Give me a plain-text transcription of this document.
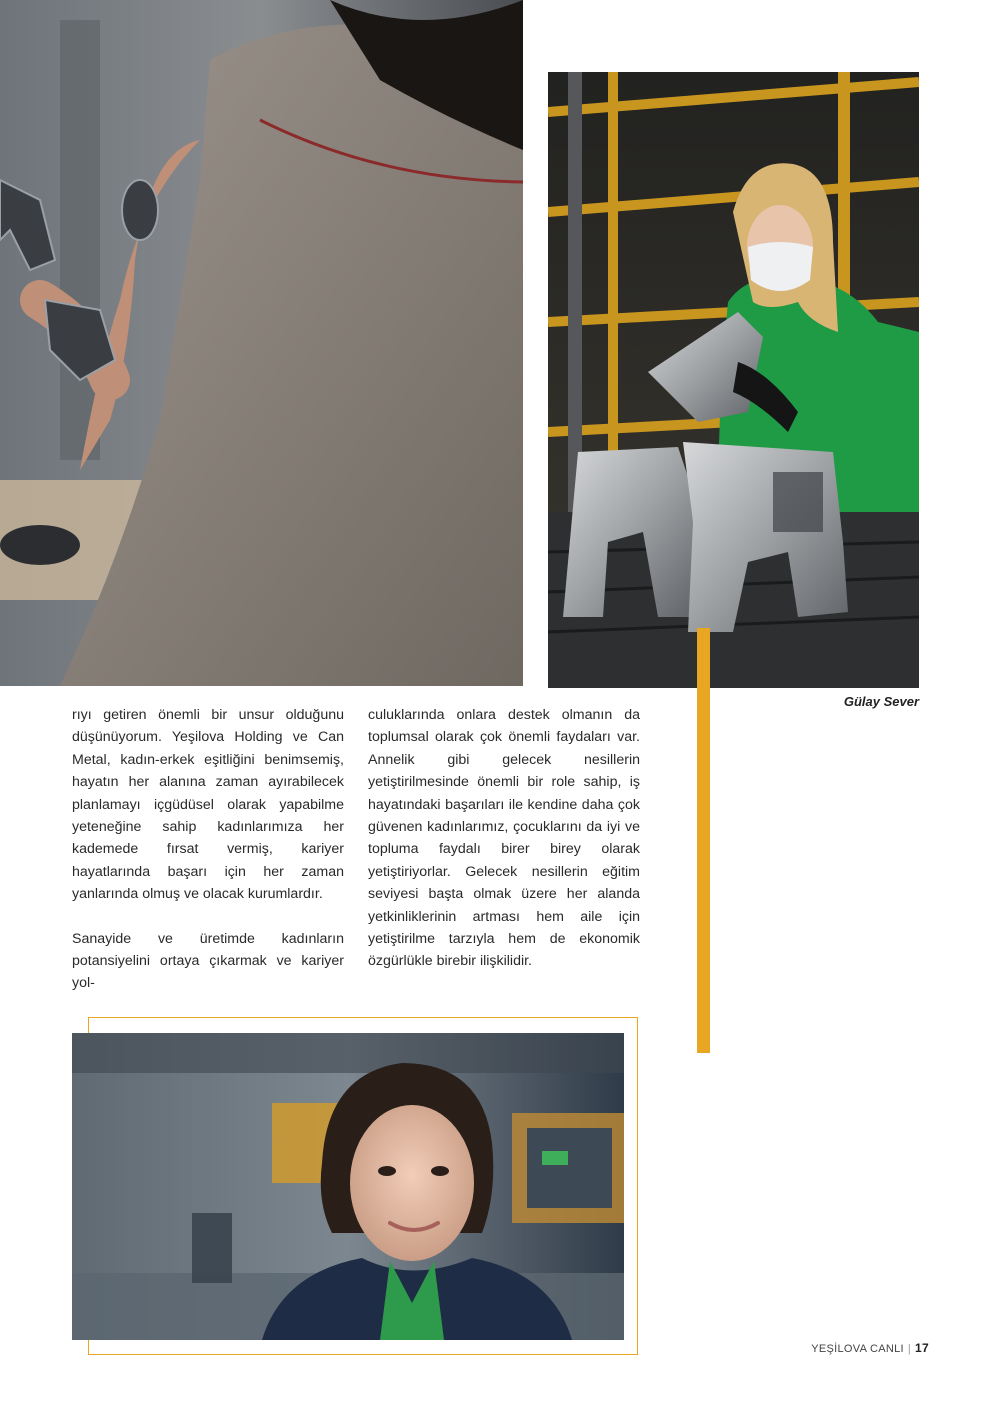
Gülay Sever

rıyı getiren önemli bir unsur olduğunu düşünüyorum. Yeşilova Holding ve Can Metal, kadın-erkek eşitliğini benimsemiş, hayatın her alanına zaman ayırabilecek planlamayı içgüdüsel olarak yapabilme yeteneğine sahip kadınlarımıza her kademede fırsat vermiş, kariyer hayatlarında başarı için her zaman yanlarında olmuş ve olacak kurumlardır.

Sanayide ve üretimde kadınların potansiyelini ortaya çıkarmak ve kariyer yol-

culuklarında onlara destek olmanın da toplumsal olarak çok önemli faydaları var. Annelik gibi gelecek nesillerin yetiştirilmesinde önemli bir role sahip, iş hayatındaki başarıları ile kendine daha çok güvenen kadınlarımız, çocuklarını da iyi ve topluma faydalı birer birey olarak yetiştiriyorlar. Gelecek nesillerin eğitim seviyesi başta olmak üzere her alanda yetkinliklerinin artması hem aile için yetiştirilme tarzıyla hem de ekonomik özgürlükle birebir ilişkilidir.

YEŞİLOVA CANLI | 17
